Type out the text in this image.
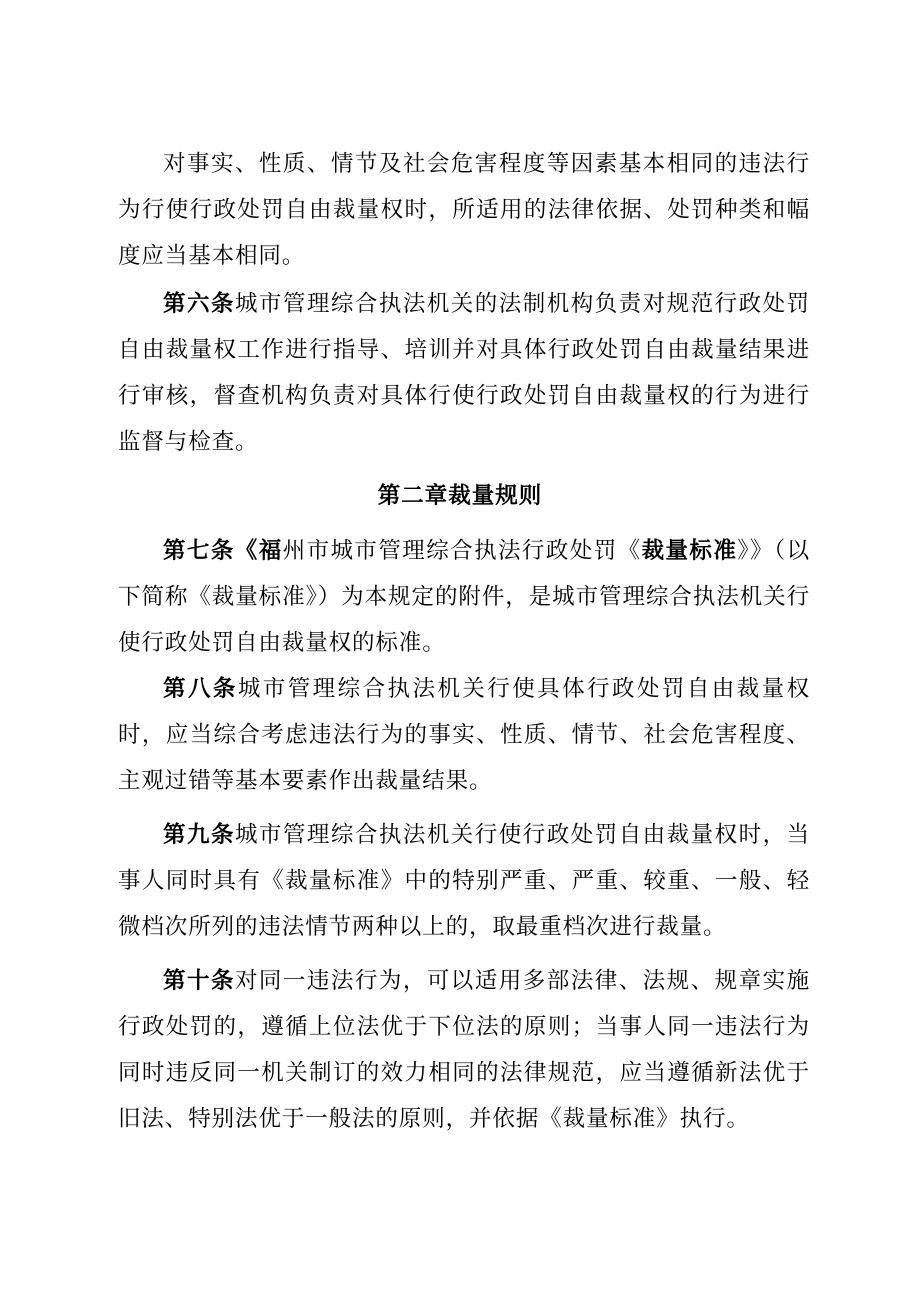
对事实、性质、情节及社会危害程度等因素基本相同的违法行为行使行政处罚自由裁量权时，所适用的法律依据、处罚种类和幅度应当基本相同。

第六条城市管理综合执法机关的法制机构负责对规范行政处罚自由裁量权工作进行指导、培训并对具体行政处罚自由裁量结果进行审核，督查机构负责对具体行使行政处罚自由裁量权的行为进行监督与检查。

第二章裁量规则

第七条《福州市城市管理综合执法行政处罚《裁量标准》》（以下简称《裁量标准》）为本规定的附件，是城市管理综合执法机关行使行政处罚自由裁量权的标准。

第八条城市管理综合执法机关行使具体行政处罚自由裁量权时，应当综合考虑违法行为的事实、性质、情节、社会危害程度、主观过错等基本要素作出裁量结果。

第九条城市管理综合执法机关行使行政处罚自由裁量权时，当事人同时具有《裁量标准》中的特别严重、严重、较重、一般、轻微档次所列的违法情节两种以上的，取最重档次进行裁量。

第十条对同一违法行为，可以适用多部法律、法规、规章实施行政处罚的，遵循上位法优于下位法的原则；当事人同一违法行为同时违反同一机关制订的效力相同的法律规范，应当遵循新法优于旧法、特别法优于一般法的原则，并依据《裁量标准》执行。
